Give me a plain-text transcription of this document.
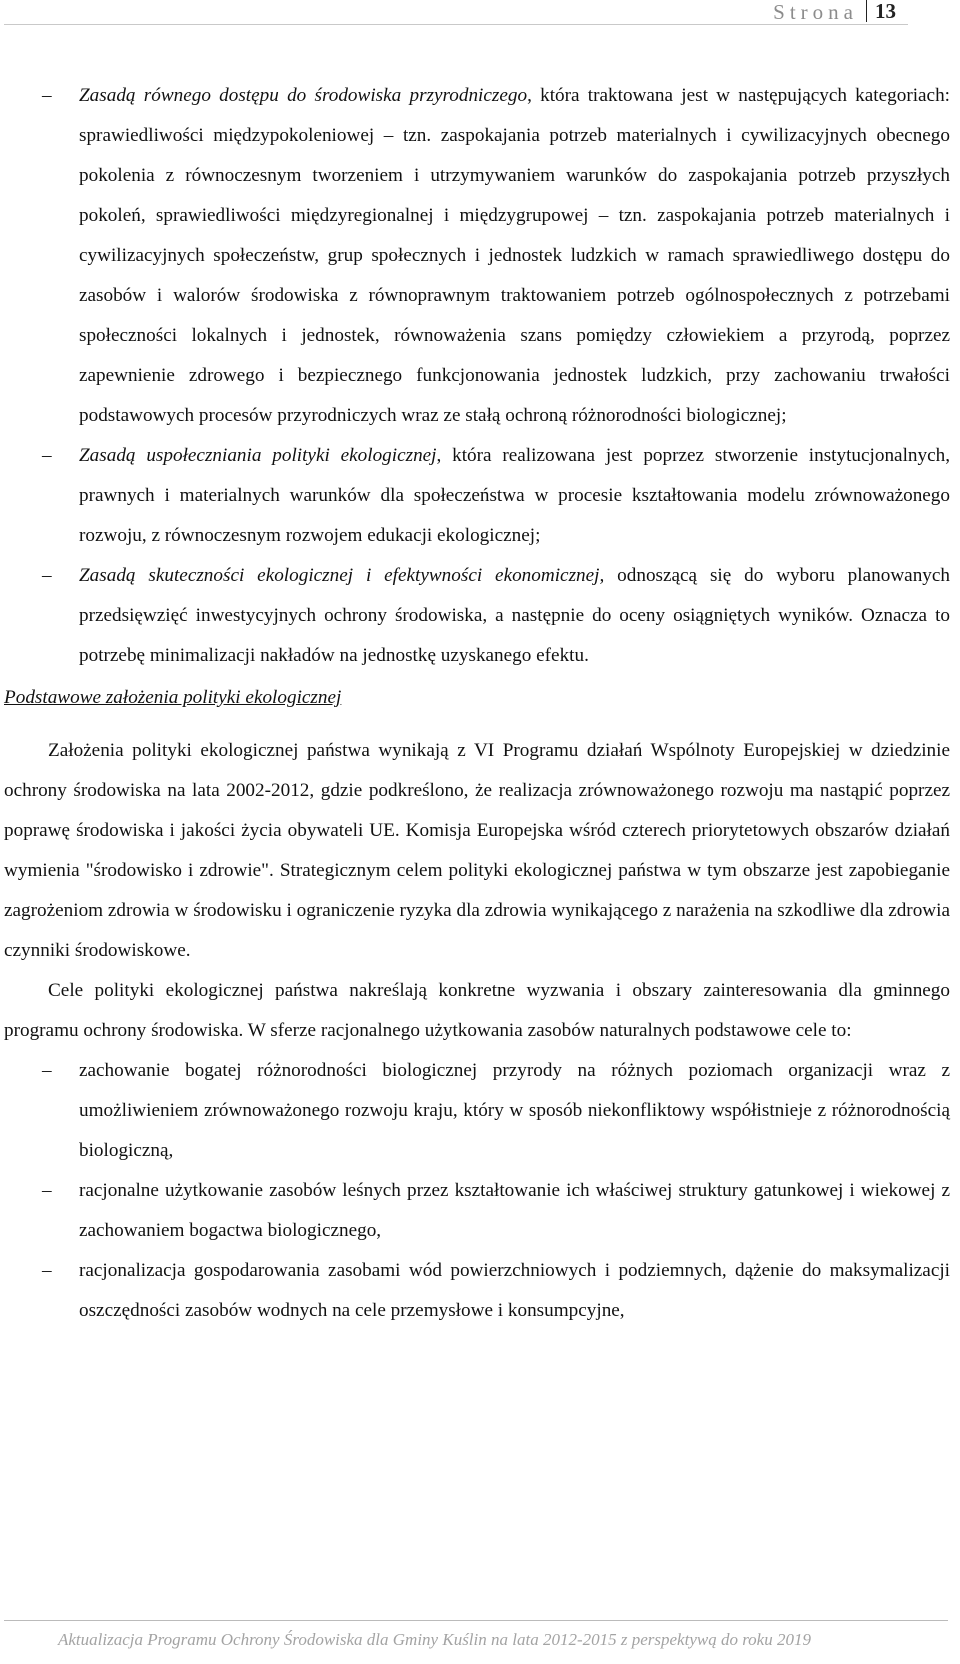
Strona 13
– Zasadą równego dostępu do środowiska przyrodniczego, która traktowana jest w następujących kategoriach: sprawiedliwości międzypokoleniowej – tzn. zaspokajania potrzeb materialnych i cywilizacyjnych obecnego pokolenia z równoczesnym tworzeniem i utrzymywaniem warunków do zaspokajania potrzeb przyszłych pokoleń, sprawiedliwości międzyregionalnej i międzygrupowej – tzn. zaspokajania potrzeb materialnych i cywilizacyjnych społeczeństw, grup społecznych i jednostek ludzkich w ramach sprawiedliwego dostępu do zasobów i walorów środowiska z równoprawnym traktowaniem potrzeb ogólnospołecznych z potrzebami społeczności lokalnych i jednostek, równoważenia szans pomiędzy człowiekiem a przyrodą, poprzez zapewnienie zdrowego i bezpiecznego funkcjonowania jednostek ludzkich, przy zachowaniu trwałości podstawowych procesów przyrodniczych wraz ze stałą ochroną różnorodności biologicznej;
– Zasadą uspołeczniania polityki ekologicznej, która realizowana jest poprzez stworzenie instytucjonalnych, prawnych i materialnych warunków dla społeczeństwa w procesie kształtowania modelu zrównoważonego rozwoju, z równoczesnym rozwojem edukacji ekologicznej;
– Zasadą skuteczności ekologicznej i efektywności ekonomicznej, odnoszącą się do wyboru planowanych przedsięwzięć inwestycyjnych ochrony środowiska, a następnie do oceny osiągniętych wyników. Oznacza to potrzebę minimalizacji nakładów na jednostkę uzyskanego efektu.
Podstawowe założenia polityki ekologicznej

Założenia polityki ekologicznej państwa wynikają z VI Programu działań Wspólnoty Europejskiej w dziedzinie ochrony środowiska na lata 2002-2012, gdzie podkreślono, że realizacja zrównoważonego rozwoju ma nastąpić poprzez poprawę środowiska i jakości życia obywateli UE. Komisja Europejska wśród czterech priorytetowych obszarów działań wymienia "środowisko i zdrowie". Strategicznym celem polityki ekologicznej państwa w tym obszarze jest zapobieganie zagrożeniom zdrowia w środowisku i ograniczenie ryzyka dla zdrowia wynikającego z narażenia na szkodliwe dla zdrowia czynniki środowiskowe.

Cele polityki ekologicznej państwa nakreślają konkretne wyzwania i obszary zainteresowania dla gminnego programu ochrony środowiska. W sferze racjonalnego użytkowania zasobów naturalnych podstawowe cele to:

– zachowanie bogatej różnorodności biologicznej przyrody na różnych poziomach organizacji wraz z umożliwieniem zrównoważonego rozwoju kraju, który w sposób niekonfliktowy współistnieje z różnorodnością biologiczną,
– racjonalne użytkowanie zasobów leśnych przez kształtowanie ich właściwej struktury gatunkowej i wiekowej z zachowaniem bogactwa biologicznego,
– racjonalizacja gospodarowania zasobami wód powierzchniowych i podziemnych, dążenie do maksymalizacji oszczędności zasobów wodnych na cele przemysłowe i konsumpcyjne,
Aktualizacja Programu Ochrony Środowiska dla Gminy Kuślin na lata 2012-2015 z perspektywą do roku 2019
